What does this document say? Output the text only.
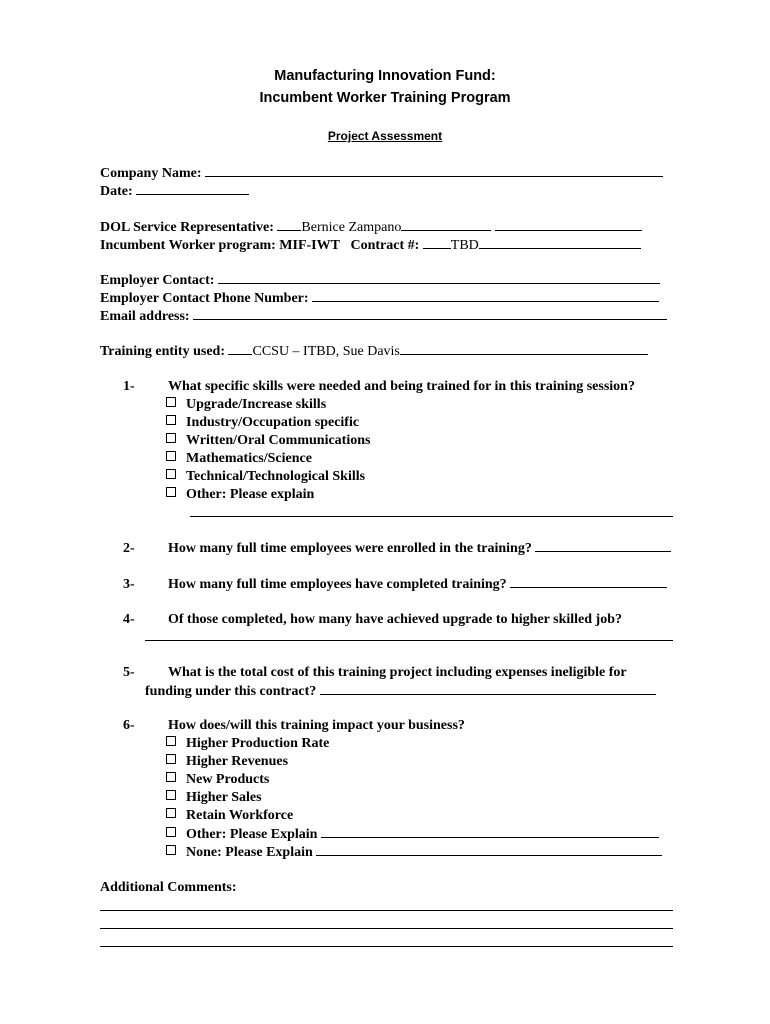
Manufacturing Innovation Fund:
Incumbent Worker Training Program
Project Assessment
Company Name:
Date:
DOL Service Representative: Bernice Zampano
Incumbent Worker program: MIF-IWT Contract #: TBD
Employer Contact:
Employer Contact Phone Number:
Email address:
Training entity used: CCSU – ITBD, Sue Davis
1- What specific skills were needed and being trained for in this training session?
Upgrade/Increase skills
Industry/Occupation specific
Written/Oral Communications
Mathematics/Science
Technical/Technological Skills
Other: Please explain
2- How many full time employees were enrolled in the training?
3- How many full time employees have completed training?
4- Of those completed, how many have achieved upgrade to higher skilled job?
5- What is the total cost of this training project including expenses ineligible for
funding under this contract?
6- How does/will this training impact your business?
Higher Production Rate
Higher Revenues
New Products
Higher Sales
Retain Workforce
Other: Please Explain
None: Please Explain
Additional Comments:
